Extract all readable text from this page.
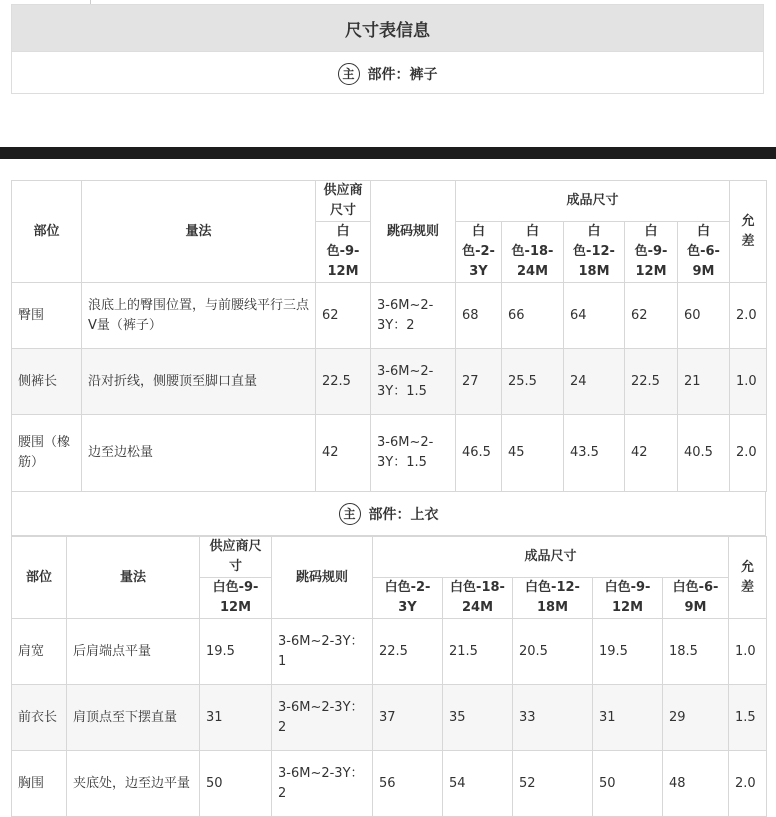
尺寸表信息
主 部件：裤子
部位	量法	供应商尺寸	跳码规则	成品尺寸					允差
		白色-9-12M		白色-2-3Y	白色-18-24M	白色-12-18M	白色-9-12M	白色-6-9M	
臀围	浪底上的臀围位置，与前腰线平行三点V量（裤子）	62	3-6M~2-3Y：2	68	66	64	62	60	2.0
侧裤长	沿对折线，侧腰顶至脚口直量	22.5	3-6M~2-3Y：1.5	27	25.5	24	22.5	21	1.0
腰围（橡筋）	边至边松量	42	3-6M~2-3Y：1.5	46.5	45	43.5	42	40.5	2.0
主 部件：上衣
部位	量法	供应商尺寸	跳码规则	成品尺寸					允差
		白色-9-12M		白色-2-3Y	白色-18-24M	白色-12-18M	白色-9-12M	白色-6-9M	
肩宽	后肩端点平量	19.5	3-6M~2-3Y：1	22.5	21.5	20.5	19.5	18.5	1.0
前衣长	肩顶点至下摆直量	31	3-6M~2-3Y：2	37	35	33	31	29	1.5
胸围	夹底处，边至边平量	50	3-6M~2-3Y：2	56	54	52	50	48	2.0
